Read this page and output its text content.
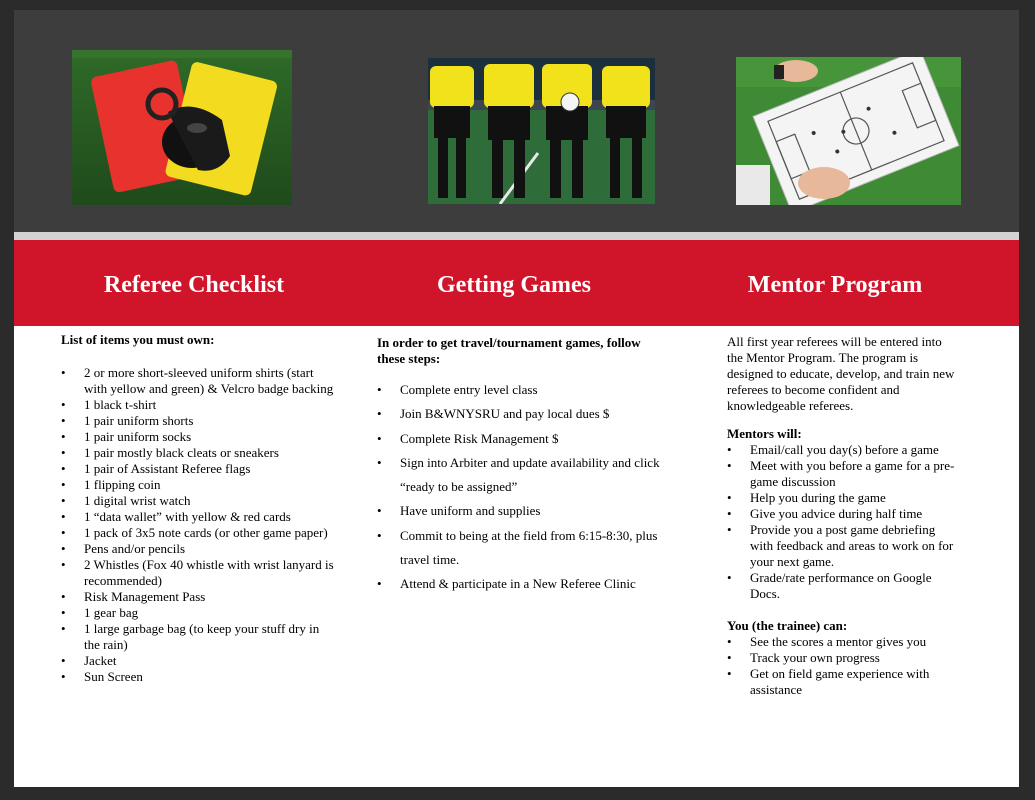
Referee Checklist	Getting Games	Mentor Program
List of items you must own:
• 2 or more short-sleeved uniform shirts (start with yellow and green) & Velcro badge backing
• 1 black t-shirt
• 1 pair uniform shorts
• 1 pair uniform socks
• 1 pair mostly black cleats or sneakers
• 1 pair of Assistant Referee flags
• 1 flipping coin
• 1 digital wrist watch
• 1 “data wallet” with yellow & red cards
• 1 pack of 3x5 note cards (or other game paper)
• Pens and/or pencils
• 2 Whistles (Fox 40 whistle with wrist lanyard is recommended)
• Risk Management Pass
• 1 gear bag
• 1 large garbage bag (to keep your stuff dry in the rain)
• Jacket
• Sun Screen
In order to get travel/tournament games, follow these steps:
• Complete entry level class
• Join B&WNYSRU and pay local dues $
• Complete Risk Management $
• Sign into Arbiter and update availability and click “ready to be assigned”
• Have uniform and supplies
• Commit to being at the field from 6:15-8:30, plus travel time.
• Attend & participate in a New Referee Clinic
All first year referees will be entered into the Mentor Program. The program is designed to educate, develop, and train new referees to become confident and knowledgeable referees.
Mentors will:
• Email/call you day(s) before a game
• Meet with you before a game for a pre-game discussion
• Help you during the game
• Give you advice during half time
• Provide you a post game debriefing with feedback and areas to work on for your next game.
• Grade/rate performance on Google Docs.
You (the trainee) can:
• See the scores a mentor gives you
• Track your own progress
• Get on field game experience with assistance
